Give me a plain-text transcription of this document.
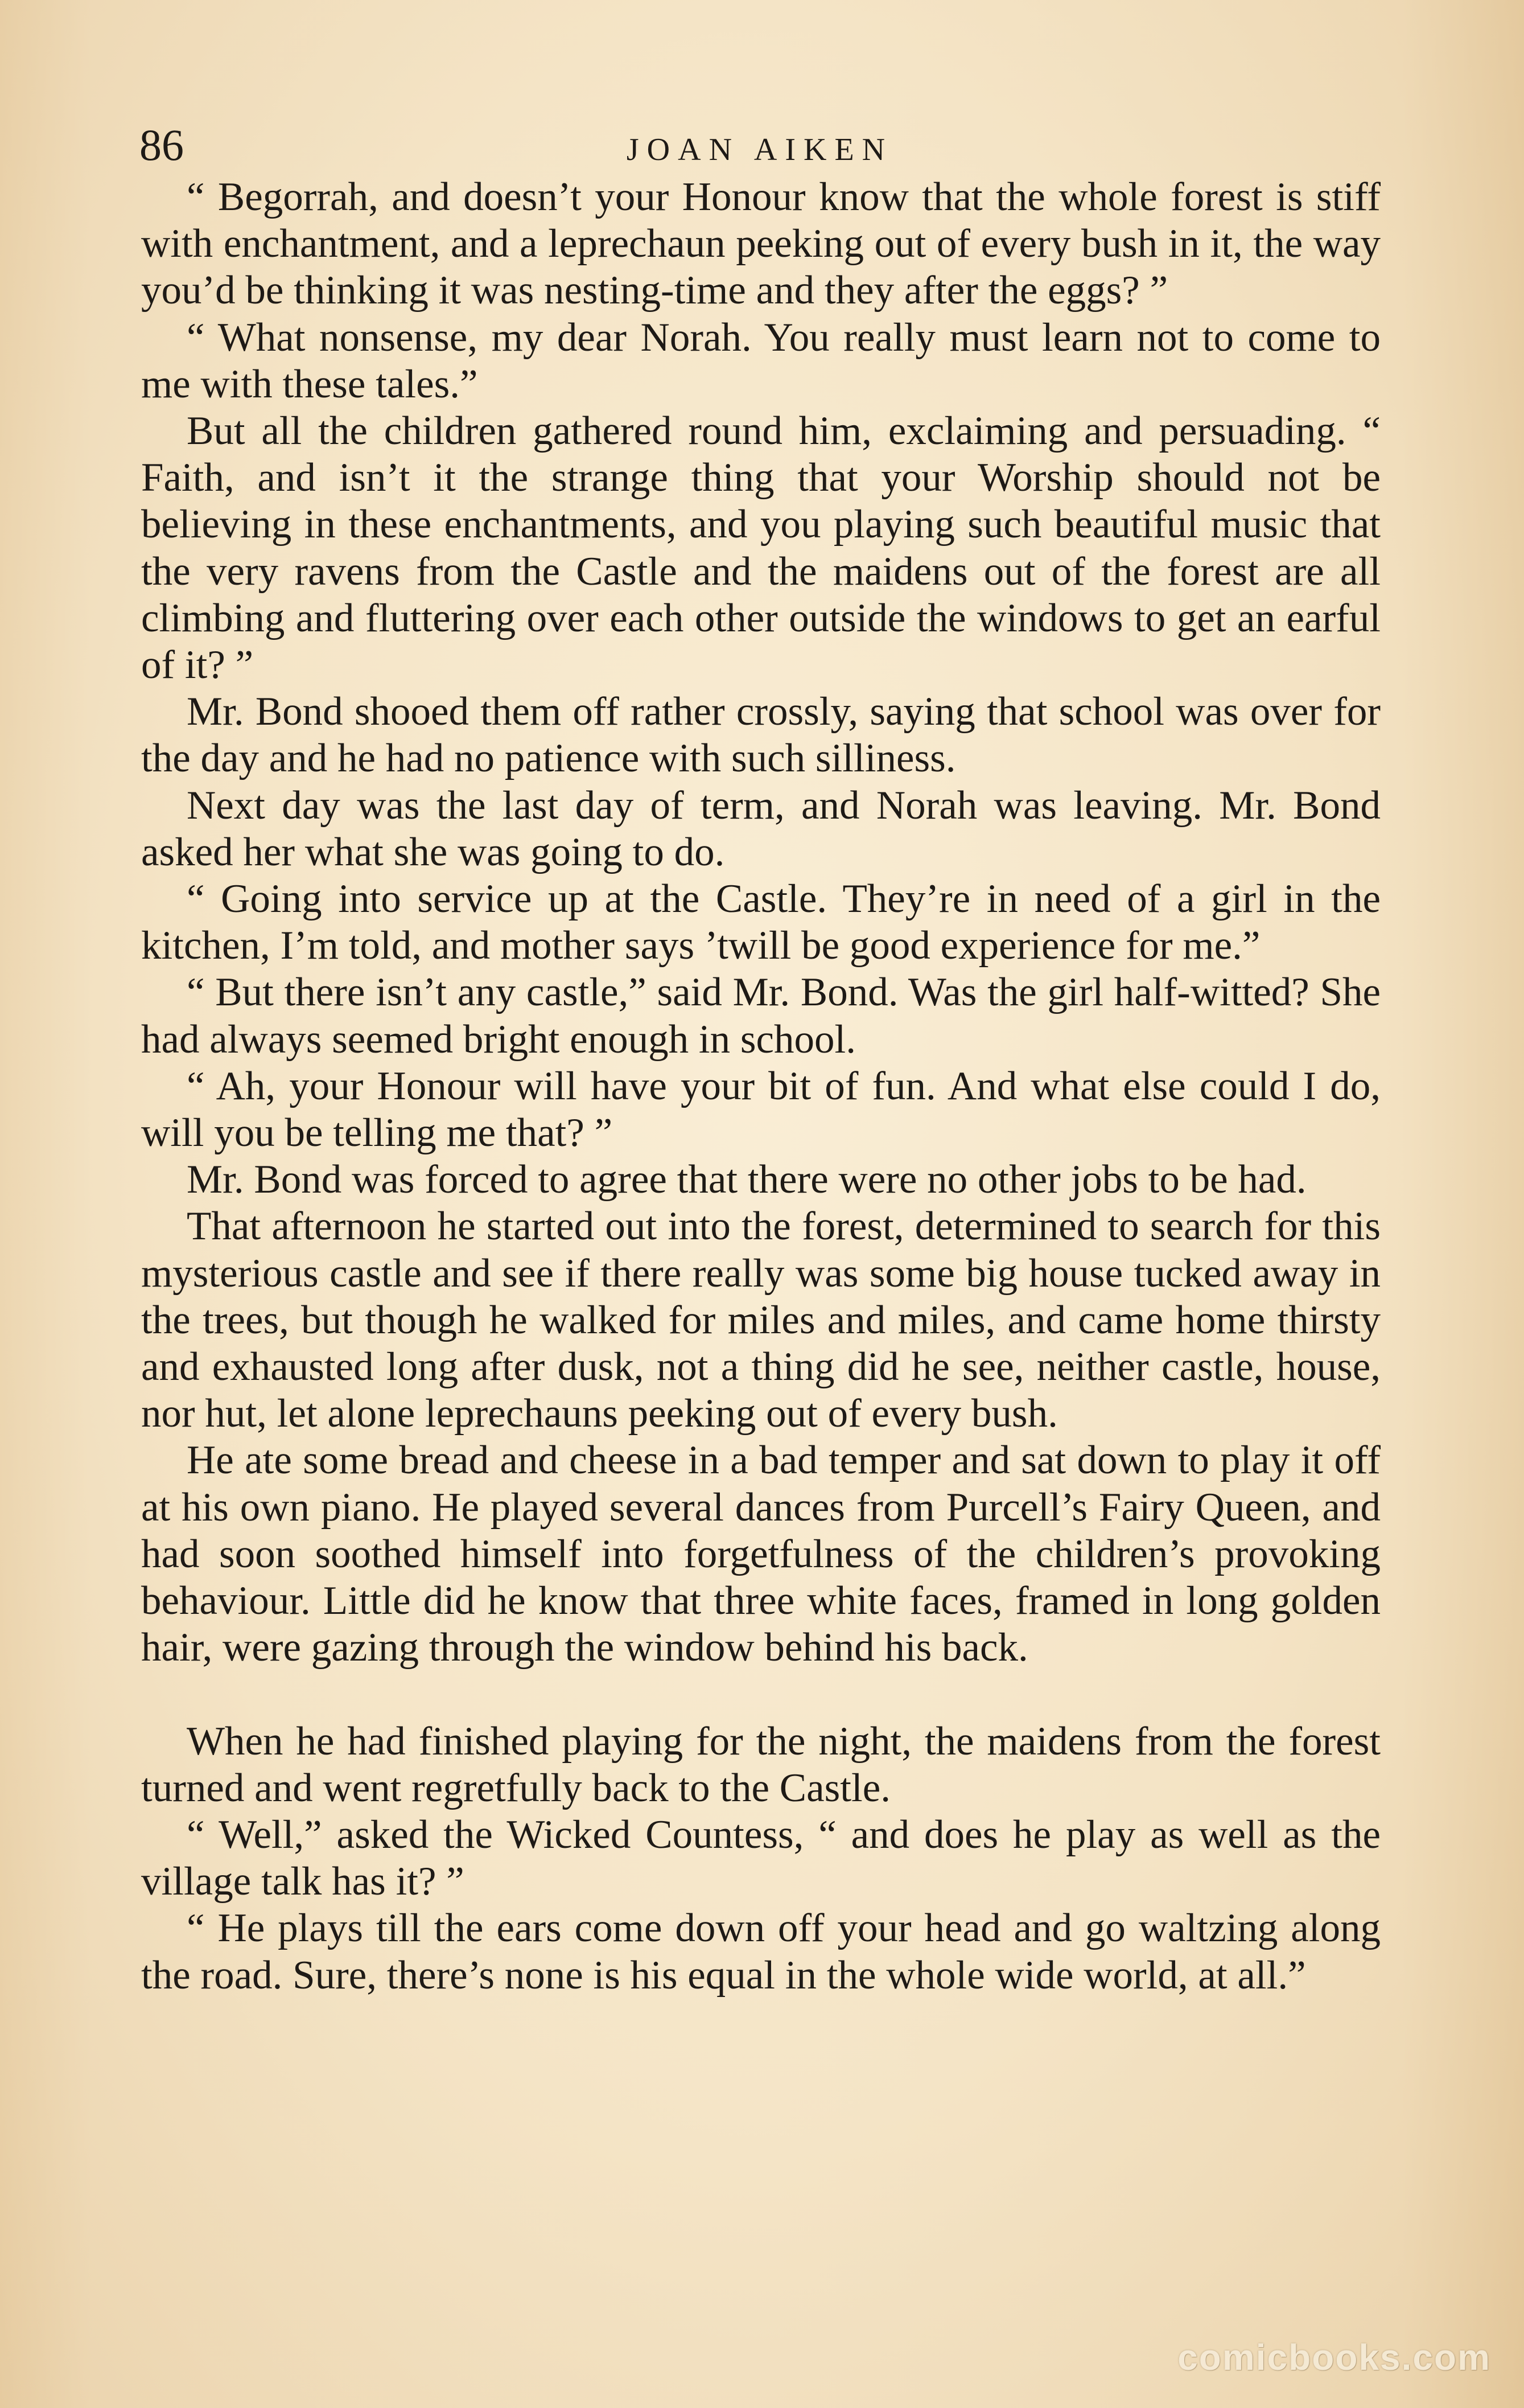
86	JOAN AIKEN

“ Begorrah, and doesn’t your Honour know that the whole forest is stiff with enchantment, and a leprechaun peeking out of every bush in it, the way you’d be thinking it was nesting-time and they after the eggs? ”

“ What nonsense, my dear Norah. You really must learn not to come to me with these tales.”

But all the children gathered round him, exclaiming and persuading. “ Faith, and isn’t it the strange thing that your Worship should not be believing in these enchantments, and you playing such beautiful music that the very ravens from the Castle and the maidens out of the forest are all climbing and fluttering over each other outside the windows to get an earful of it? ”

Mr. Bond shooed them off rather crossly, saying that school was over for the day and he had no patience with such silliness.

Next day was the last day of term, and Norah was leaving. Mr. Bond asked her what she was going to do.

“ Going into service up at the Castle. They’re in need of a girl in the kitchen, I’m told, and mother says ’twill be good experience for me.”

“ But there isn’t any castle,” said Mr. Bond. Was the girl half-witted? She had always seemed bright enough in school.

“ Ah, your Honour will have your bit of fun. And what else could I do, will you be telling me that? ”

Mr. Bond was forced to agree that there were no other jobs to be had.

That afternoon he started out into the forest, determined to search for this mysterious castle and see if there really was some big house tucked away in the trees, but though he walked for miles and miles, and came home thirsty and exhausted long after dusk, not a thing did he see, neither castle, house, nor hut, let alone leprechauns peeking out of every bush.

He ate some bread and cheese in a bad temper and sat down to play it off at his own piano. He played several dances from Purcell’s Fairy Queen, and had soon soothed himself into forgetfulness of the children’s provoking behaviour. Little did he know that three white faces, framed in long golden hair, were gazing through the window behind his back.

When he had finished playing for the night, the maidens from the forest turned and went regretfully back to the Castle.

“ Well,” asked the Wicked Countess, “ and does he play as well as the village talk has it? ”

“ He plays till the ears come down off your head and go waltzing along the road. Sure, there’s none is his equal in the whole wide world, at all.”

comicbooks.com
